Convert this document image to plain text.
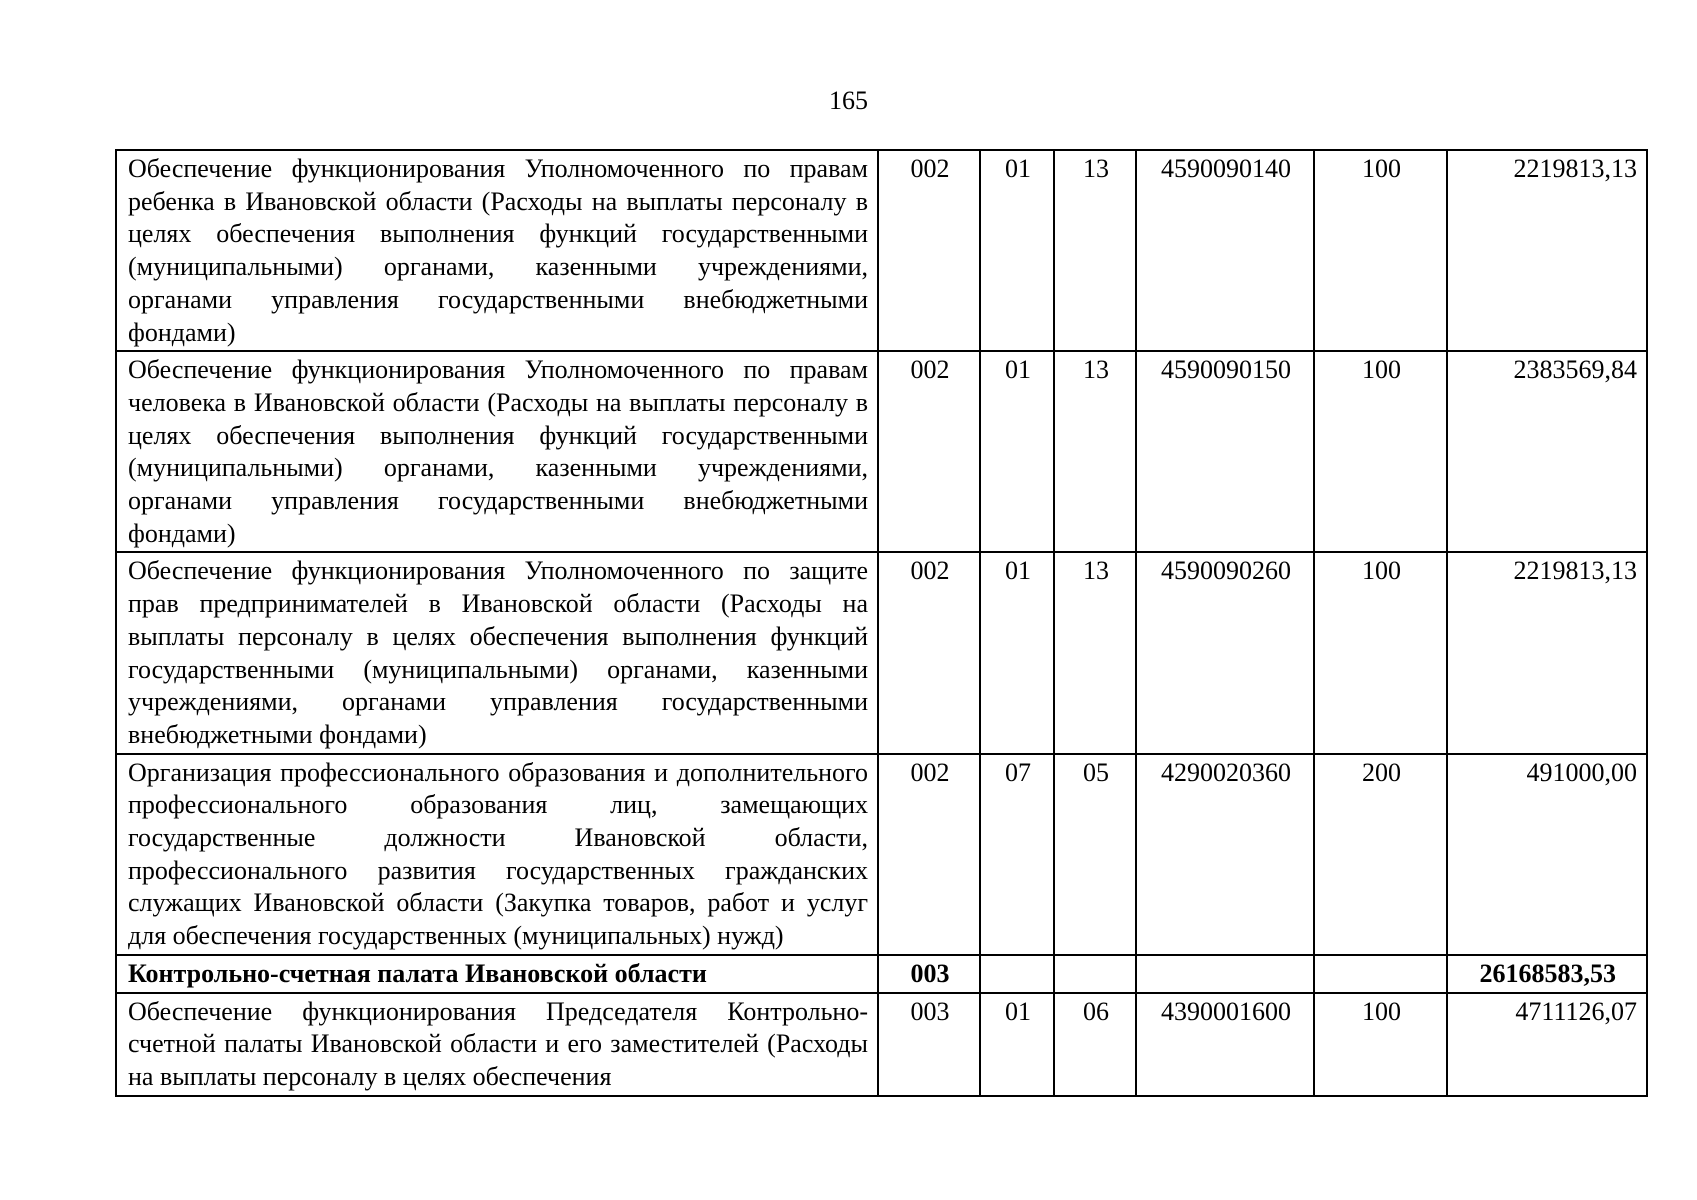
165
Обеспечение функционирования Уполномоченного по правам ребенка в Ивановской области (Расходы на выплаты персоналу в целях обеспечения выполнения функций государственными (муниципальными) органами, казенными учреждениями, органами управления государственными внебюджетными фондами)	002	01	13	4590090140	100	2219813,13
Обеспечение функционирования Уполномоченного по правам человека в Ивановской области (Расходы на выплаты персоналу в целях обеспечения выполнения функций государственными (муниципальными) органами, казенными учреждениями, органами управления государственными внебюджетными фондами)	002	01	13	4590090150	100	2383569,84
Обеспечение функционирования Уполномоченного по защите прав предпринимателей в Ивановской области (Расходы на выплаты персоналу в целях обеспечения выполнения функций государственными (муниципальными) органами, казенными учреждениями, органами управления государственными внебюджетными фондами)	002	01	13	4590090260	100	2219813,13
Организация профессионального образования и дополнительного профессионального образования лиц, замещающих государственные должности Ивановской области, профессионального развития государственных гражданских служащих Ивановской области (Закупка товаров, работ и услуг для обеспечения государственных (муниципальных) нужд)	002	07	05	4290020360	200	491000,00
Контрольно-счетная палата Ивановской области	003					26168583,53

Обеспечение функционирования Председателя Контрольно-счетной палаты Ивановской области и его заместителей (Расходы на выплаты персоналу в целях обеспечения	003	01	06	4390001600	100	4711126,07
